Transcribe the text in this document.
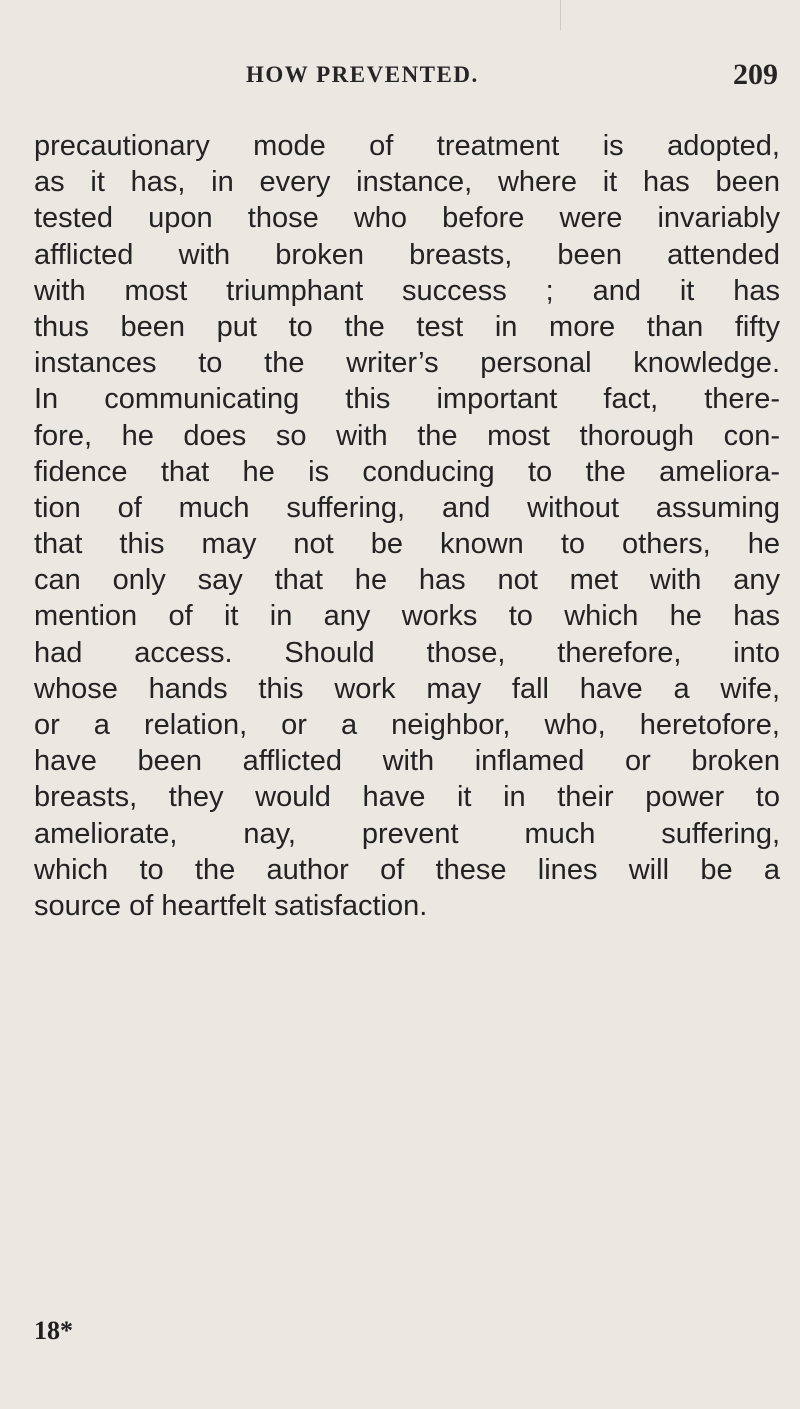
HOW PREVENTED.	209
precautionary mode of treatment is adopted,
as it has, in every instance, where it has been
tested upon those who before were invariably
afflicted with broken breasts, been attended
with most triumphant success ; and it has
thus been put to the test in more than fifty
instances to the writer’s personal knowledge.
In communicating this important fact, there-
fore, he does so with the most thorough con-
fidence that he is conducing to the ameliora-
tion of much suffering, and without assuming
that this may not be known to others, he
can only say that he has not met with any
mention of it in any works to which he has
had access. Should those, therefore, into
whose hands this work may fall have a wife,
or a relation, or a neighbor, who, heretofore,
have been afflicted with inflamed or broken
breasts, they would have it in their power to
ameliorate, nay, prevent much suffering,
which to the author of these lines will be a
source of heartfelt satisfaction.
18*
